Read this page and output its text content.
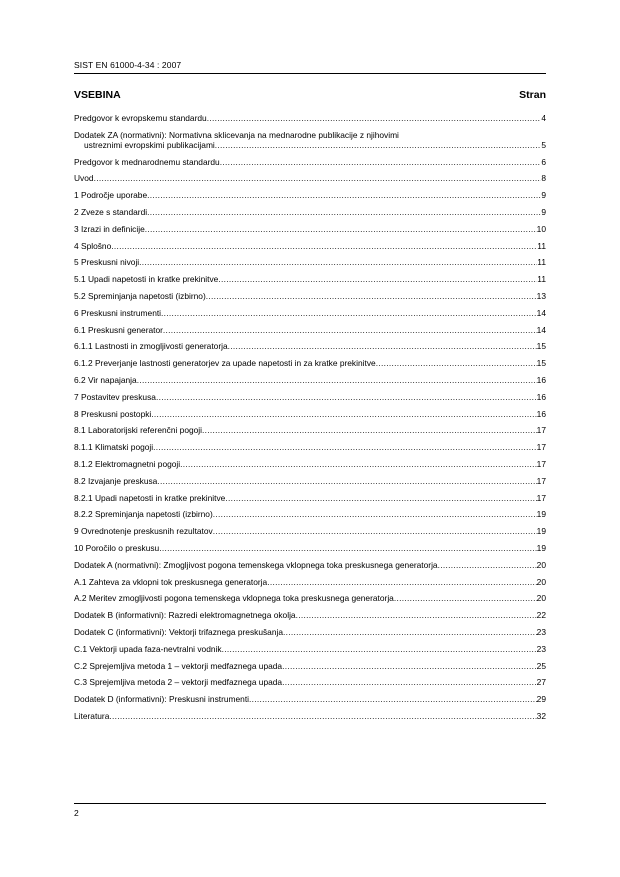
SIST EN 61000-4-34 : 2007
VSEBINA	Stran
Predgovor k evropskemu standardu .....	4
Dodatek ZA (normativni): Normativna sklicevanja na mednarodne publikacije z njihovimi
ustreznimi evropskimi publikacijami .....	5
Predgovor k mednarodnemu standardu .....	6
Uvod .....	8
1 Področje uporabe .....	9
2 Zveze s standardi .....	9
3 Izrazi in definicije .....	10
4 Splošno .....	11
5 Preskusni nivoji .....	11
5.1 Upadi napetosti in kratke prekinitve .....	11
5.2 Spreminjanja napetosti (izbirno) .....	13
6 Preskusni instrumenti .....	14
6.1 Preskusni generator .....	14
6.1.1 Lastnosti in zmogljivosti generatorja .....	15
6.1.2 Preverjanje lastnosti generatorjev za upade napetosti in za kratke prekinitve .....	15
6.2 Vir napajanja .....	16
7 Postavitev preskusa .....	16
8 Preskusni postopki .....	16
8.1 Laboratorijski referenčni pogoji .....	17
8.1.1 Klimatski pogoji .....	17
8.1.2 Elektromagnetni pogoji .....	17
8.2 Izvajanje preskusa .....	17
8.2.1 Upadi napetosti in kratke prekinitve .....	17
8.2.2 Spreminjanja napetosti (izbirno) .....	19
9 Ovrednotenje preskusnih rezultatov .....	19
10 Poročilo o preskusu .....	19
Dodatek A (normativni): Zmogljivost pogona temenskega vklopnega toka preskusnega generatorja .....	20
A.1 Zahteva za vklopni tok preskusnega generatorja .....	20
A.2 Meritev zmogljivosti pogona temenskega vklopnega toka preskusnega generatorja .....	20
Dodatek B (informativni): Razredi elektromagnetnega okolja .....	22
Dodatek C (informativni): Vektorji trifaznega preskušanja .....	23
C.1 Vektorji upada faza-nevtralni vodnik .....	23
C.2 Sprejemljiva metoda 1 – vektorji medfaznega upada .....	25
C.3 Sprejemljiva metoda 2 – vektorji medfaznega upada .....	27
Dodatek D (informativni): Preskusni instrumenti .....	29
Literatura .....	32
2
